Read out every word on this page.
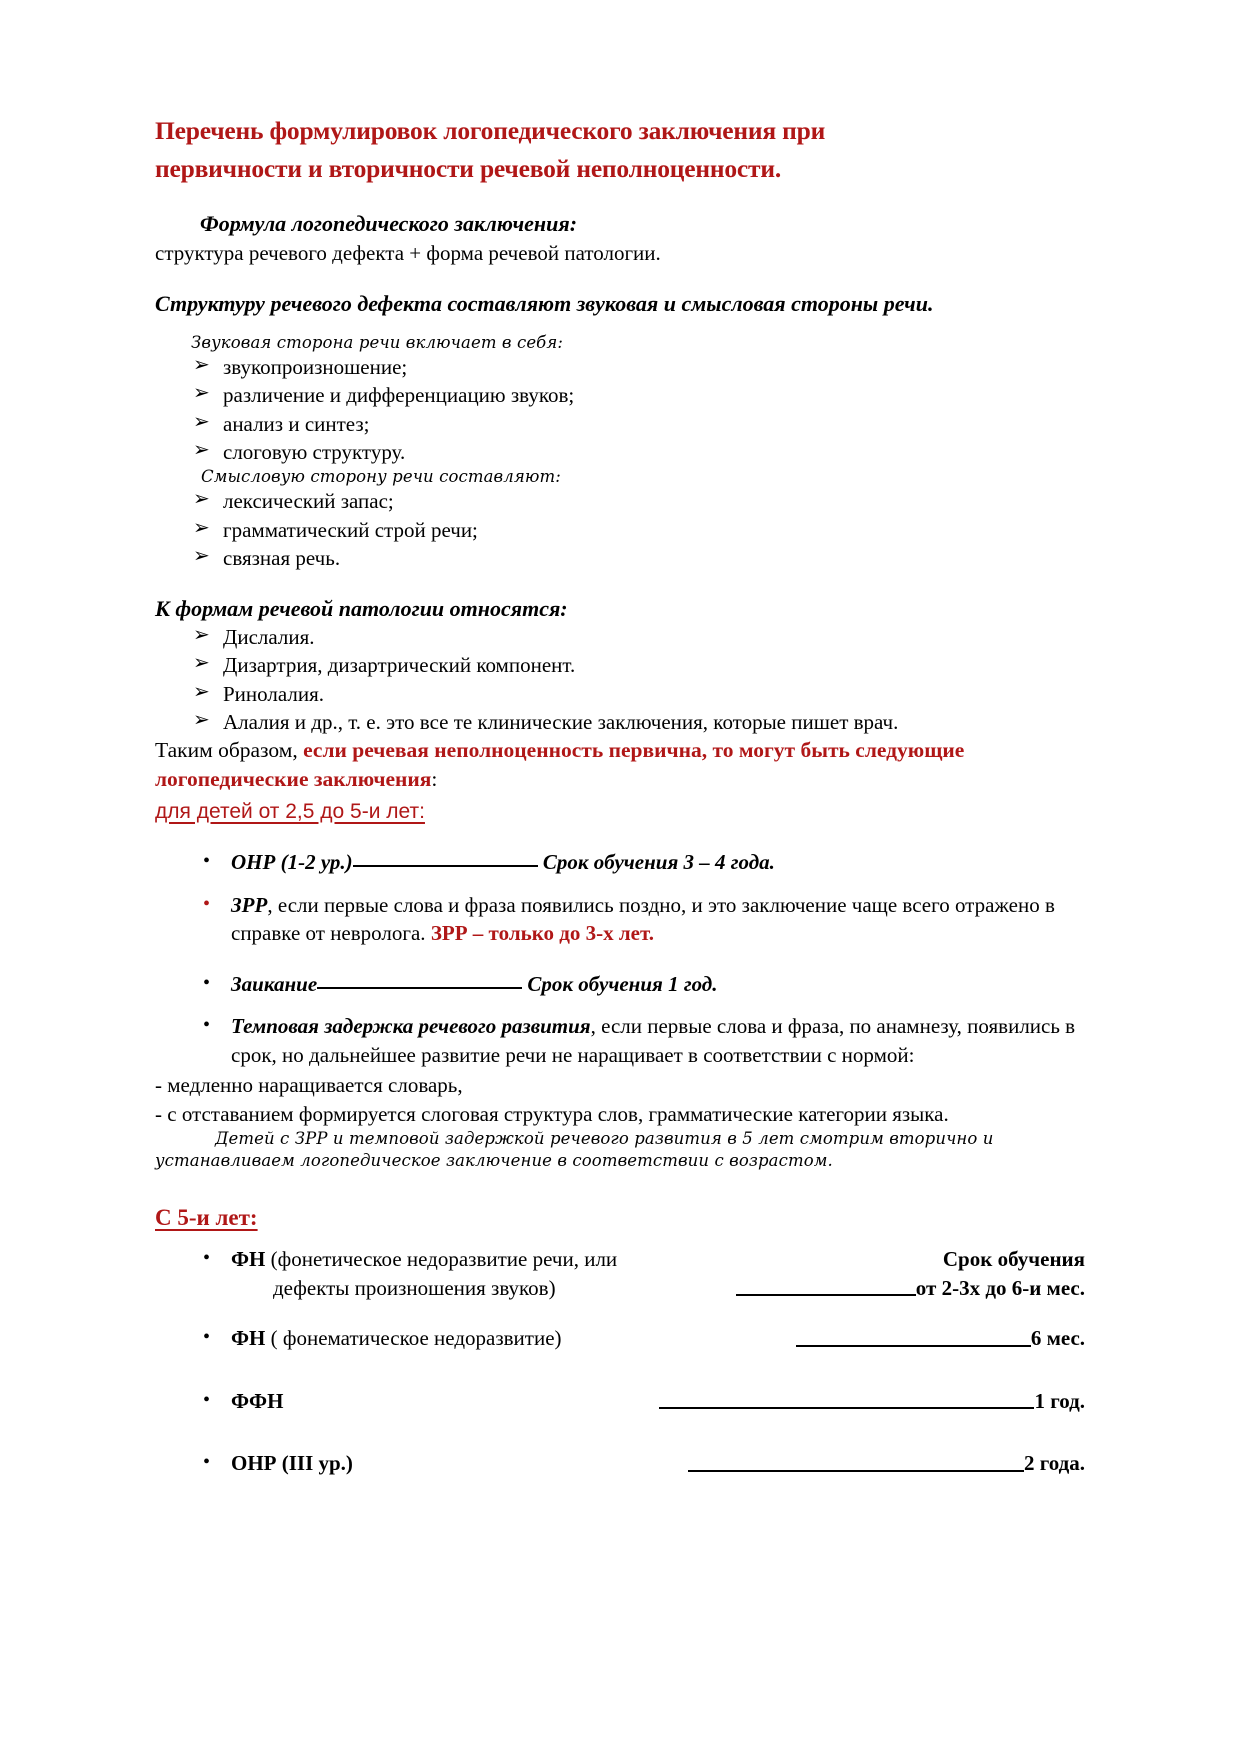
Перечень формулировок логопедического заключения при первичности и вторичности речевой неполноценности.

Формула логопедического заключения:

структура речевого дефекта + форма речевой патологии.

Структуру речевого дефекта составляют звуковая и смысловая стороны речи.

Звуковая сторона речи включает в себя:

➢ звукопроизношение;
➢ различение и дифференциацию звуков;
➢ анализ и синтез;
➢ слоговую структуру.

Смысловую сторону речи составляют:

➢ лексический запас;
➢ грамматический строй речи;
➢ связная речь.

К формам речевой патологии относятся:

➢ Дислалия.
➢ Дизартрия, дизартрический компонент.
➢ Ринолалия.
➢ Алалия и др., т. е. это все те клинические заключения, которые пишет врач.

Таким образом, если речевая неполноценность первична, то могут быть следующие логопедические заключения:

для детей от 2,5 до 5-и лет:

• ОНР (1-2 ур.)	Срок обучения 3 – 4 года.
• ЗРР, если первые слова и фраза появились поздно, и это заключение чаще всего отражено в справке от невролога. ЗРР – только до 3-х лет.
• Заикание	Срок обучения 1 год.
• Темповая задержка речевого развития, если первые слова и фраза, по анамнезу, появились в срок, но дальнейшее развитие речи не наращивает в соответствии с нормой:

- медленно наращивается словарь,

- с отставанием формируется слоговая структура слов, грамматические категории языка.

Детей с ЗРР и темповой задержкой речевого развития в 5 лет смотрим вторично и

устанавливаем логопедическое заключение в соответствии с возрастом.

С 5-и лет:

• ФН (фонетическое недоразвитие речи, или	Срок обучения
дефекты произношения звуков)	от 2-3х до 6-и мес.
• ФН ( фонематическое недоразвитие)	6 мес.
• ФФН	1 год.
• ОНР (III ур.)	2 года.
